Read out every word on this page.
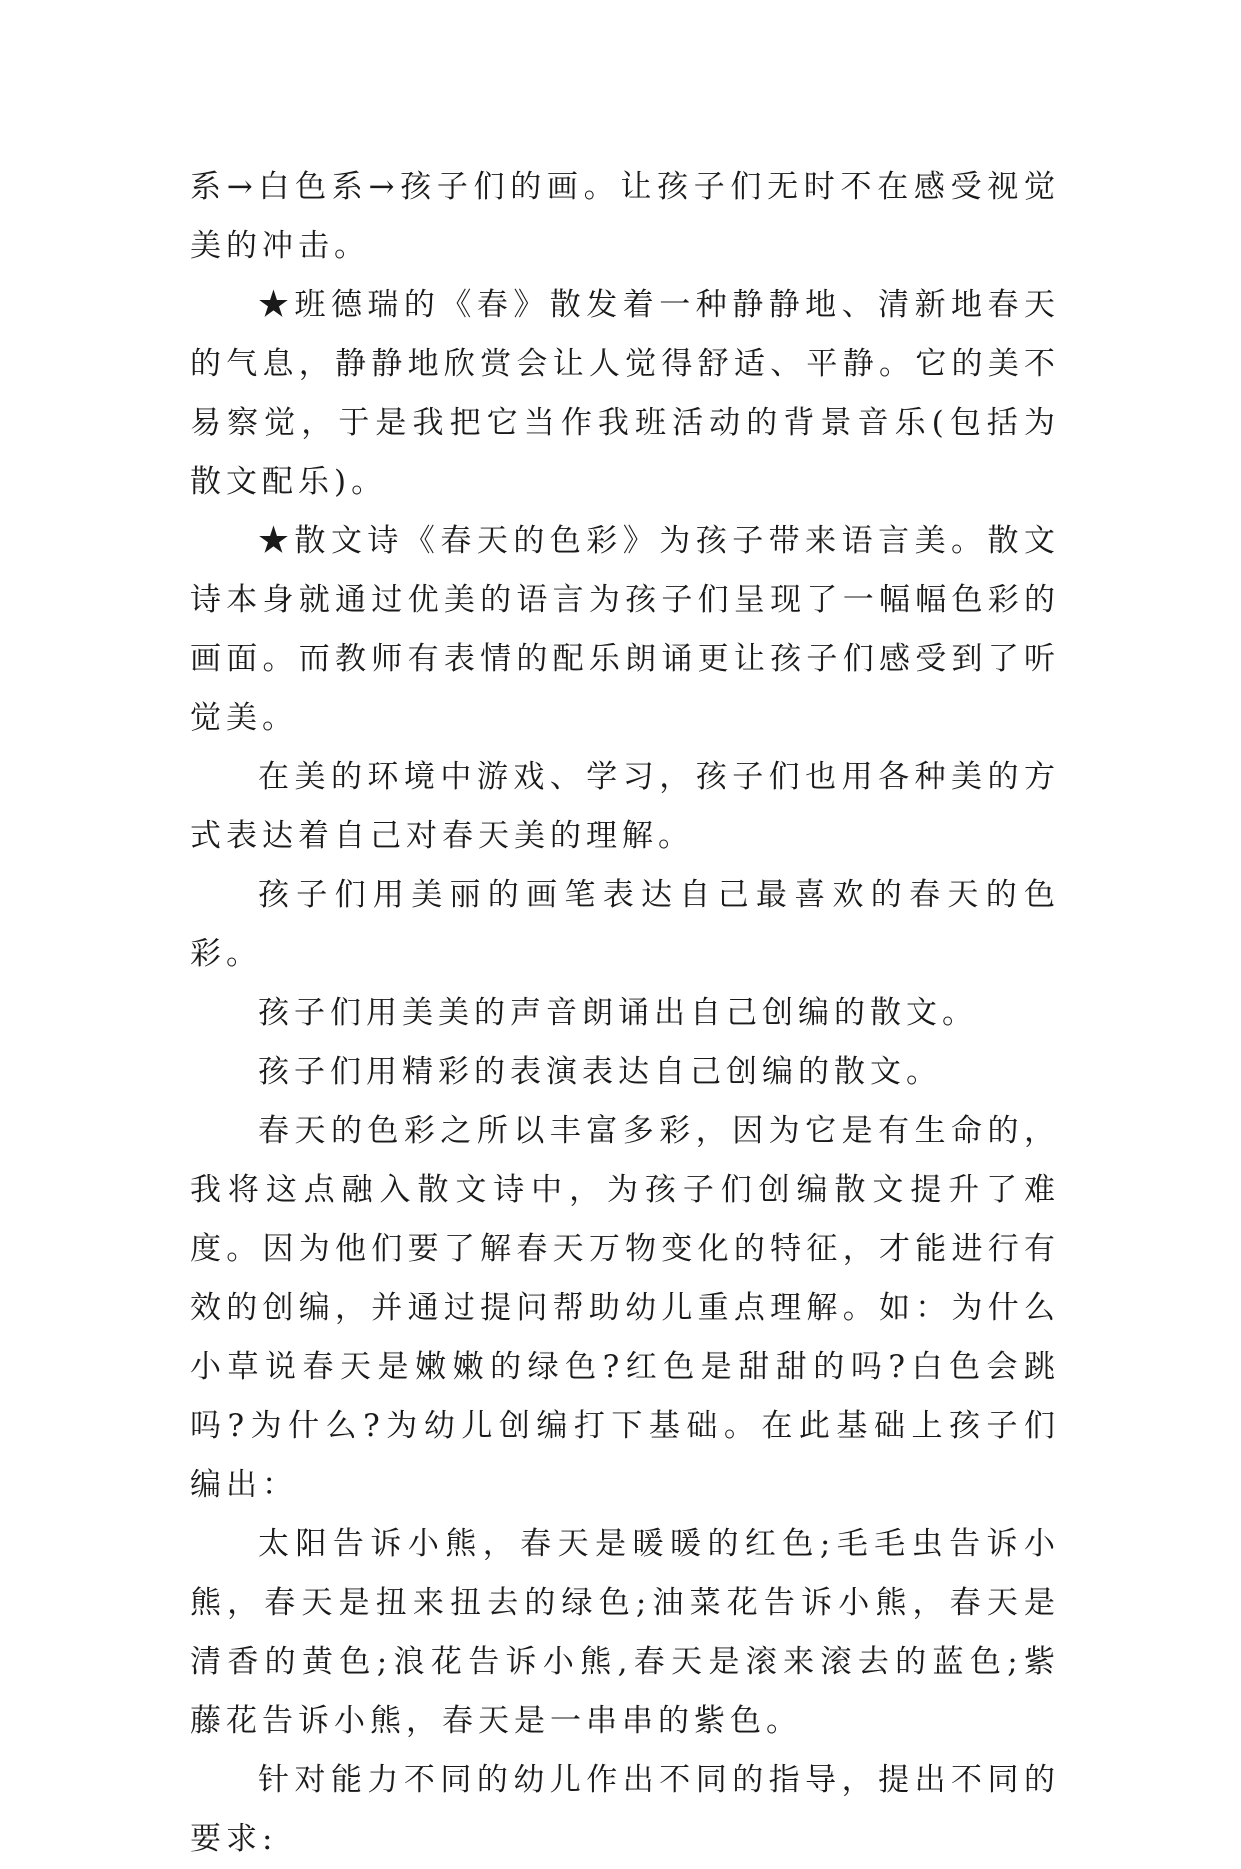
系→白色系→孩子们的画。让孩子们无时不在感受视觉美的冲击。

★班德瑞的《春》散发着一种静静地、清新地春天的气息，静静地欣赏会让人觉得舒适、平静。它的美不易察觉，于是我把它当作我班活动的背景音乐(包括为散文配乐)。

★散文诗《春天的色彩》为孩子带来语言美。散文诗本身就通过优美的语言为孩子们呈现了一幅幅色彩的画面。而教师有表情的配乐朗诵更让孩子们感受到了听觉美。

在美的环境中游戏、学习，孩子们也用各种美的方式表达着自己对春天美的理解。

孩子们用美丽的画笔表达自己最喜欢的春天的色彩。

孩子们用美美的声音朗诵出自己创编的散文。

孩子们用精彩的表演表达自己创编的散文。

春天的色彩之所以丰富多彩，因为它是有生命的，我将这点融入散文诗中，为孩子们创编散文提升了难度。因为他们要了解春天万物变化的特征，才能进行有效的创编，并通过提问帮助幼儿重点理解。如：为什么小草说春天是嫩嫩的绿色?红色是甜甜的吗?白色会跳吗?为什么?为幼儿创编打下基础。在此基础上孩子们编出：

太阳告诉小熊，春天是暖暖的红色;毛毛虫告诉小熊，春天是扭来扭去的绿色;油菜花告诉小熊，春天是清香的黄色;浪花告诉小熊,春天是滚来滚去的蓝色;紫藤花告诉小熊，春天是一串串的紫色。

针对能力不同的幼儿作出不同的指导，提出不同的要求:
